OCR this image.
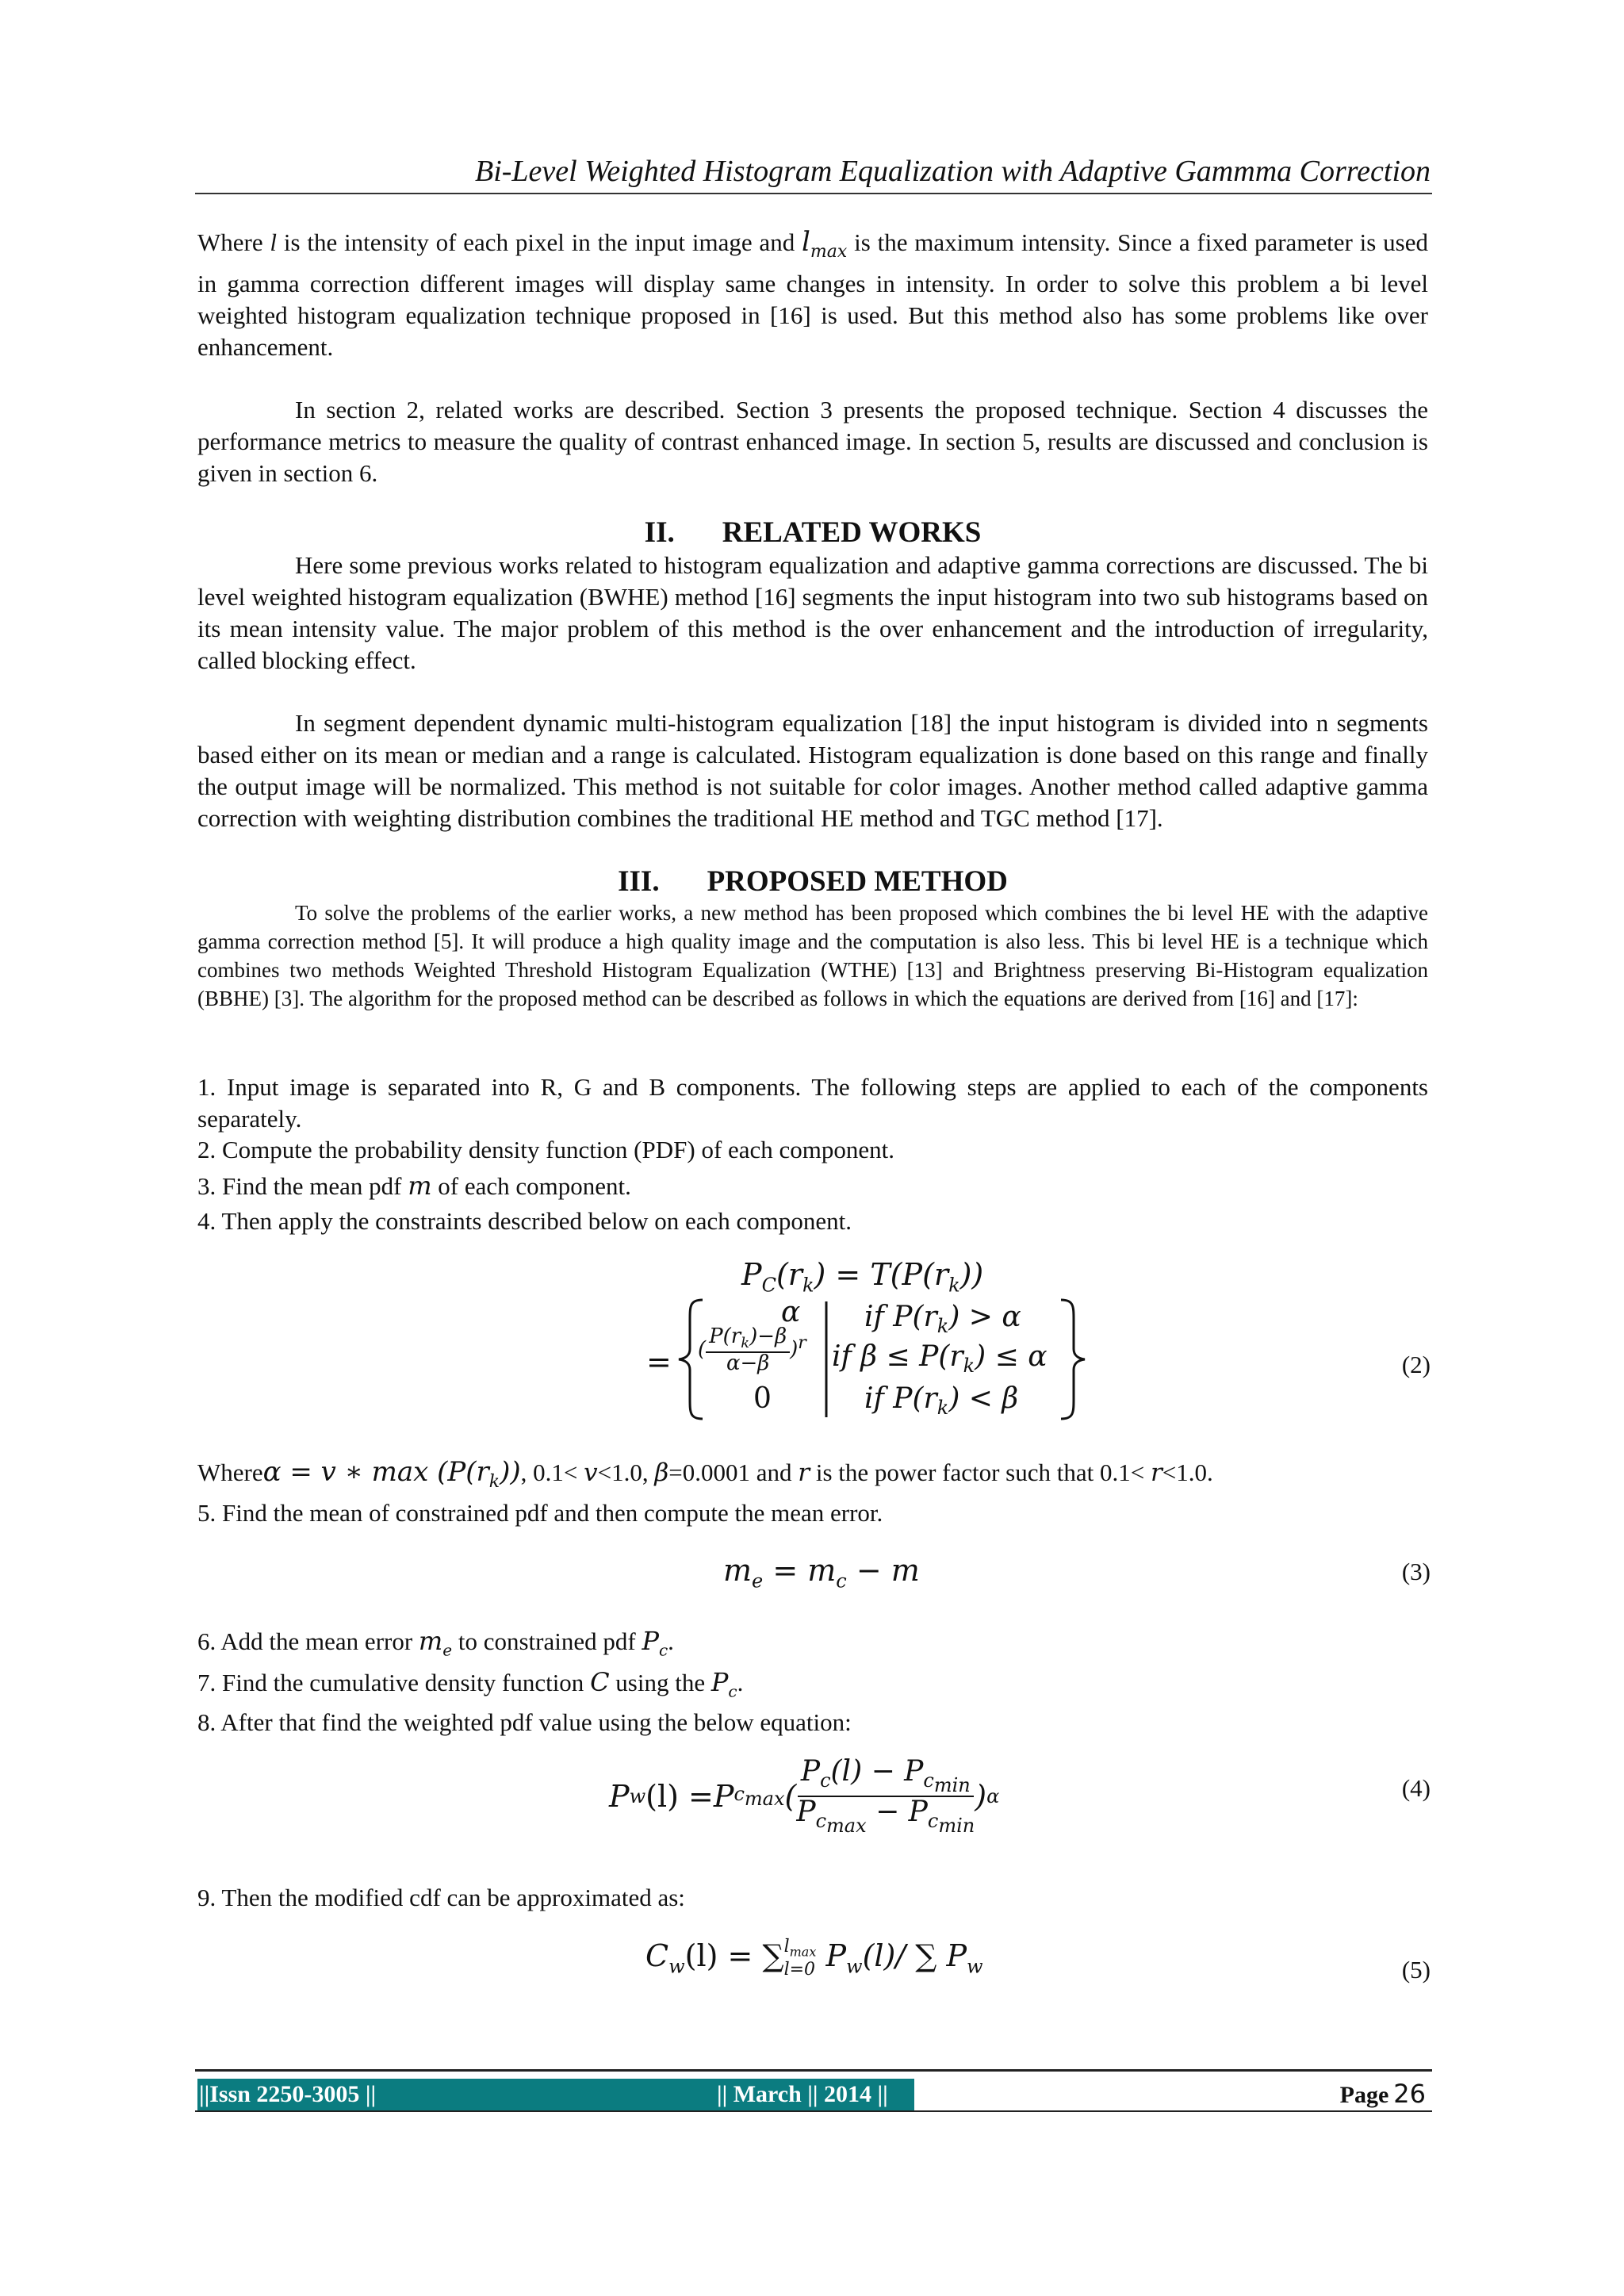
Bi-Level Weighted Histogram Equalization with Adaptive Gammma Correction
Where l is the intensity of each pixel in the input image and $l_{max}$ is the maximum intensity. Since a fixed parameter is used in gamma correction different images will display same changes in intensity. In order to solve this problem a bi level weighted histogram equalization technique proposed in [16] is used. But this method also has some problems like over enhancement.
In section 2, related works are described. Section 3 presents the proposed technique. Section 4 discusses the performance metrics to measure the quality of contrast enhanced image. In section 5, results are discussed and conclusion is given in section 6.
II. RELATED WORKS
Here some previous works related to histogram equalization and adaptive gamma corrections are discussed. The bi level weighted histogram equalization (BWHE) method [16] segments the input histogram into two sub histograms based on its mean intensity value. The major problem of this method is the over enhancement and the introduction of irregularity, called blocking effect.
In segment dependent dynamic multi-histogram equalization [18] the input histogram is divided into n segments based either on its mean or median and a range is calculated. Histogram equalization is done based on this range and finally the output image will be normalized. This method is not suitable for color images. Another method called adaptive gamma correction with weighting distribution combines the traditional HE method and TGC method [17].
III. PROPOSED METHOD
To solve the problems of the earlier works, a new method has been proposed which combines the bi level HE with the adaptive gamma correction method [5]. It will produce a high quality image and the computation is also less. This bi level HE is a technique which combines two methods Weighted Threshold Histogram Equalization (WTHE) [13] and Brightness preserving Bi-Histogram equalization (BBHE) [3]. The algorithm for the proposed method can be described as follows in which the equations are derived from [16] and [17]:
1. Input image is separated into R, G and B components. The following steps are applied to each of the components separately.
2. Compute the probability density function (PDF) of each component.
3. Find the mean pdf m of each component.
4. Then apply the constraints described below on each component.
$P_C(r_k) = T(P(r_k))$
=
α if $P(r_k) > \alpha$
( $\frac{P(r_k)-\beta}{\alpha-\beta} )^r$ if $\beta \le P(r_k) \le \alpha$
0	if $P(r_k) < \beta$
(2)
Whereα = v ∗ $\max (P(r_k))$, 0.1< v<1.0, β=0.0001 and r is the power factor such that 0.1< r<1.0.
5. Find the mean of constrained pdf and then compute the mean error.
$m_e = m_c - m$	(3)
6. Add the mean error $m_e$ to constrained pdf $P_c$.
7. Find the cumulative density function C using the $P_c$.
8. After that find the weighted pdf value using the below equation:
P w (l) = P $c_{max}$ ( $\frac{P_c(l) - P_{c_{min}}}{P_{c_{max}} - P_{c_{min}}}$ ) α	(4)
9. Then the modified cdf can be approximated as:
$C_w(l)$ = ∑ $l_{max}$
l=0 $P_w(l)/$ ∑ $P_w$	(5)
||Issn 2250-3005 ||	|| March || 2014 ||	Page 26
